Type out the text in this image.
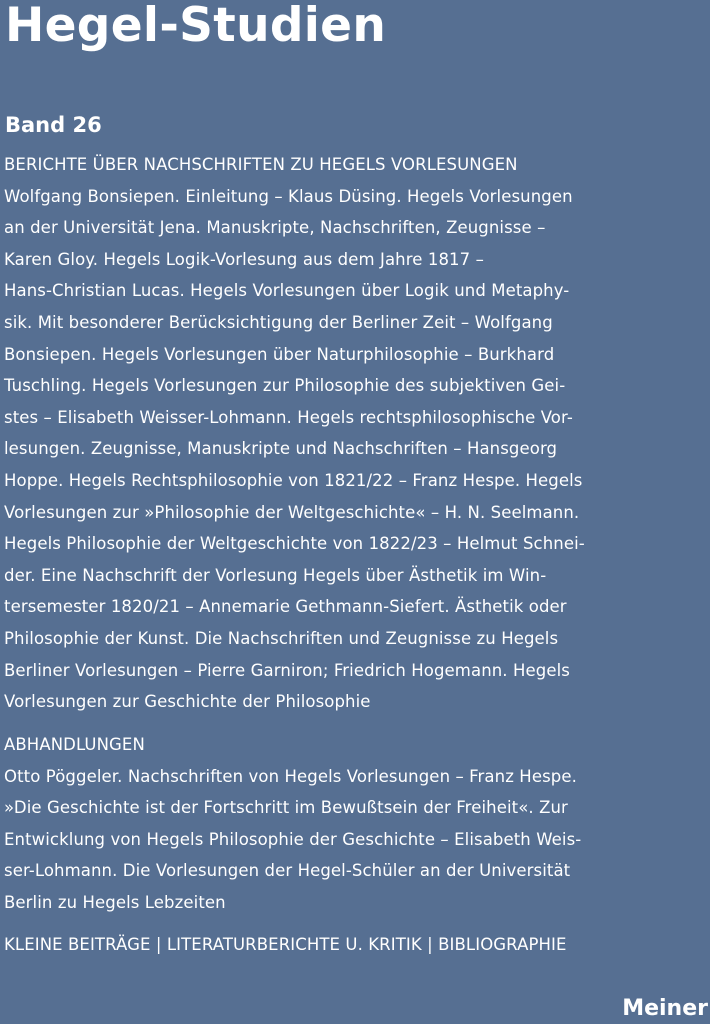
Hegel-Studien
Band 26

BERICHTE ÜBER NACHSCHRIFTEN ZU HEGELS VORLESUNGEN

Wolfgang Bonsiepen. Einleitung – Klaus Düsing. Hegels Vorlesungen
an der Universität Jena. Manuskripte, Nachschriften, Zeugnisse –
Karen Gloy. Hegels Logik-Vorlesung aus dem Jahre 1817 –
Hans-Christian Lucas. Hegels Vorlesungen über Logik und Metaphy-
sik. Mit besonderer Berücksichtigung der Berliner Zeit – Wolfgang
Bonsiepen. Hegels Vorlesungen über Naturphilosophie – Burkhard
Tuschling. Hegels Vorlesungen zur Philosophie des subjektiven Gei-
stes – Elisabeth Weisser-Lohmann. Hegels rechtsphilosophische Vor-
lesungen. Zeugnisse, Manuskripte und Nachschriften – Hansgeorg
Hoppe. Hegels Rechtsphilosophie von 1821/22 – Franz Hespe. Hegels
Vorlesungen zur »Philosophie der Weltgeschichte« – H. N. Seelmann.
Hegels Philosophie der Weltgeschichte von 1822/23 – Helmut Schnei-
der. Eine Nachschrift der Vorlesung Hegels über Ästhetik im Win-
tersemester 1820/21 – Annemarie Gethmann-Siefert. Ästhetik oder
Philosophie der Kunst. Die Nachschriften und Zeugnisse zu Hegels
Berliner Vorlesungen – Pierre Garniron; Friedrich Hogemann. Hegels
Vorlesungen zur Geschichte der Philosophie

ABHANDLUNGEN

Otto Pöggeler. Nachschriften von Hegels Vorlesungen – Franz Hespe.
»Die Geschichte ist der Fortschritt im Bewußtsein der Freiheit«. Zur
Entwicklung von Hegels Philosophie der Geschichte – Elisabeth Weis-
ser-Lohmann. Die Vorlesungen der Hegel-Schüler an der Universität
Berlin zu Hegels Lebzeiten

KLEINE BEITRÄGE | LITERATURBERICHTE U. KRITIK | BIBLIOGRAPHIE

Meiner
